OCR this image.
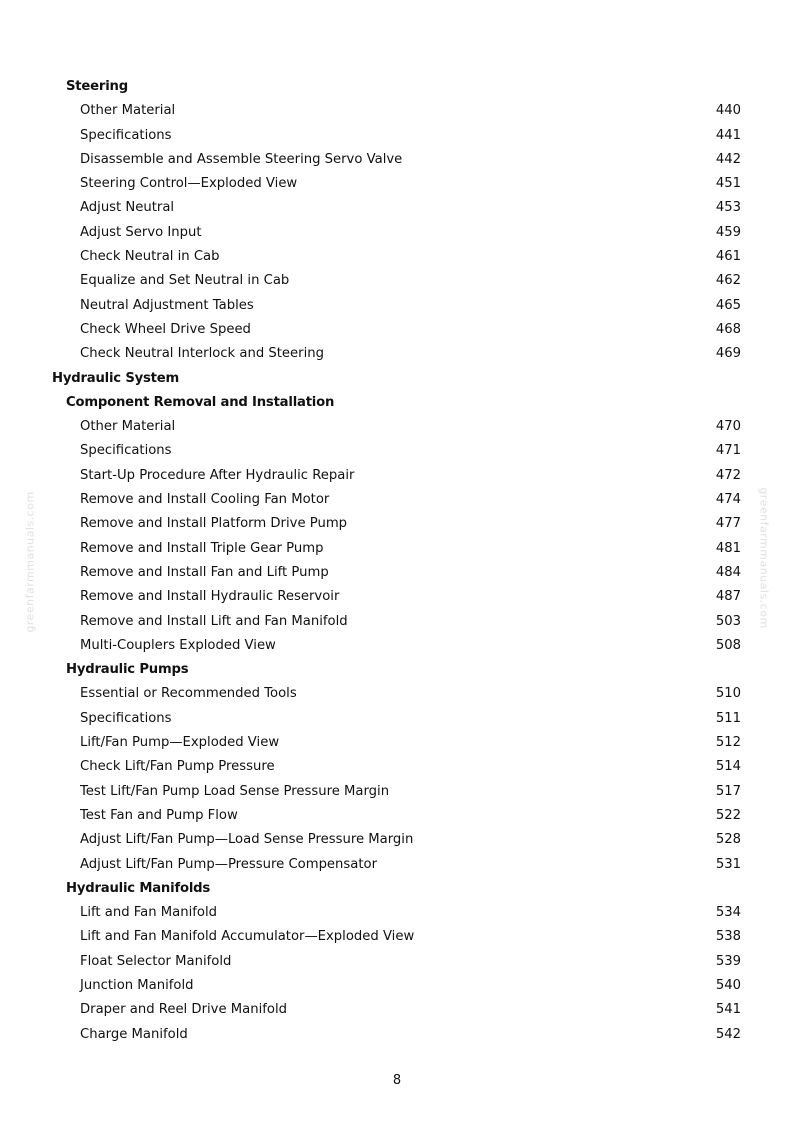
greenfarmmanuals.com	greenfarmmanuals.com
Steering
Other Material	440
Specifications	441
Disassemble and Assemble Steering Servo Valve	442
Steering Control—Exploded View	451
Adjust Neutral	453
Adjust Servo Input	459
Check Neutral in Cab	461
Equalize and Set Neutral in Cab	462
Neutral Adjustment Tables	465
Check Wheel Drive Speed	468
Check Neutral Interlock and Steering	469
Hydraulic System
Component Removal and Installation
Other Material	470
Specifications	471
Start-Up Procedure After Hydraulic Repair	472
Remove and Install Cooling Fan Motor	474
Remove and Install Platform Drive Pump	477
Remove and Install Triple Gear Pump	481
Remove and Install Fan and Lift Pump	484
Remove and Install Hydraulic Reservoir	487
Remove and Install Lift and Fan Manifold	503
Multi-Couplers Exploded View	508
Hydraulic Pumps
Essential or Recommended Tools	510
Specifications	511
Lift/Fan Pump—Exploded View	512
Check Lift/Fan Pump Pressure	514
Test Lift/Fan Pump Load Sense Pressure Margin	517
Test Fan and Pump Flow	522
Adjust Lift/Fan Pump—Load Sense Pressure Margin	528
Adjust Lift/Fan Pump—Pressure Compensator	531
Hydraulic Manifolds
Lift and Fan Manifold	534
Lift and Fan Manifold Accumulator—Exploded View	538
Float Selector Manifold	539
Junction Manifold	540
Draper and Reel Drive Manifold	541
Charge Manifold	542
8
